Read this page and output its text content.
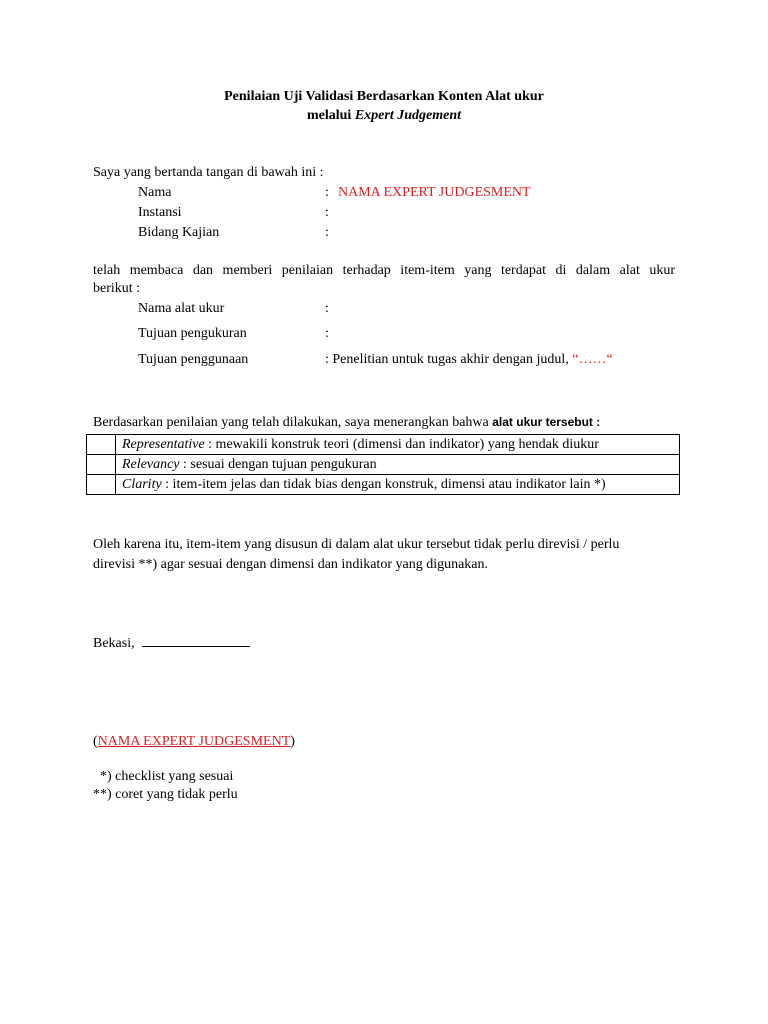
Penilaian Uji Validasi Berdasarkan Konten Alat ukur
melalui Expert Judgement
Saya yang bertanda tangan di bawah ini :
Nama	: NAMA EXPERT JUDGESMENT
Instansi	:
Bidang Kajian	:
telah membaca dan memberi penilaian terhadap item-item yang terdapat di dalam alat ukur
berikut :
Nama alat ukur	:
Tujuan pengukuran	:
Tujuan penggunaan	: Penelitian untuk tugas akhir dengan judul, “……“
Berdasarkan penilaian yang telah dilakukan, saya menerangkan bahwa alat ukur tersebut :
	Representative : mewakili konstruk teori (dimensi dan indikator) yang hendak diukur
	Relevancy : sesuai dengan tujuan pengukuran
	Clarity : item-item jelas dan tidak bias dengan konstruk, dimensi atau indikator lain *)
Oleh karena itu, item-item yang disusun di dalam alat ukur tersebut tidak perlu direvisi / perlu
direvisi **) agar sesuai dengan dimensi dan indikator yang digunakan.
Bekasi,
(NAMA EXPERT JUDGESMENT)
*) checklist yang sesuai
**) coret yang tidak perlu
